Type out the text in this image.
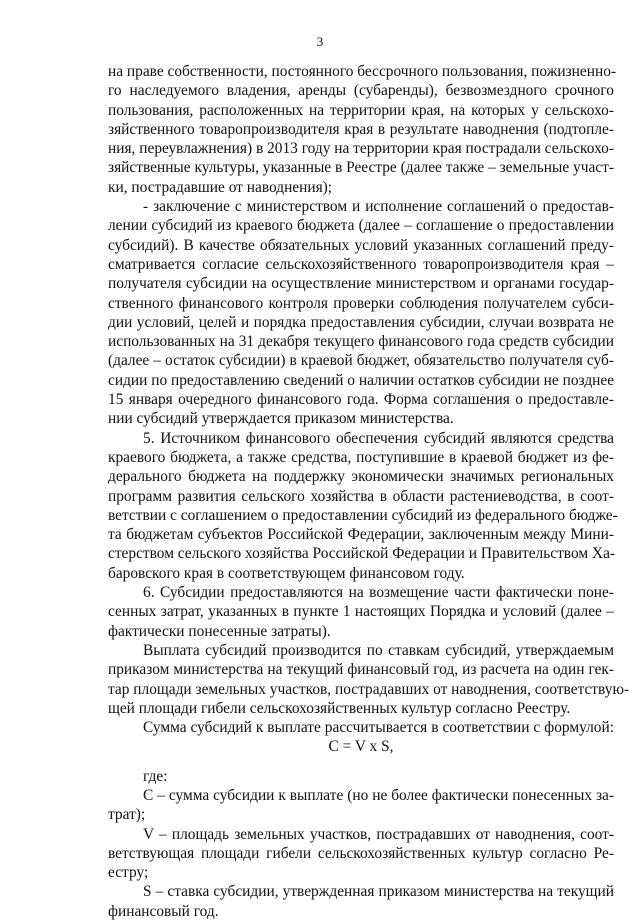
3
на праве собственности, постоянного бессрочного пользования, пожизненно-
го наследуемого владения, аренды (субаренды), безвозмездного срочного
пользования, расположенных на территории края, на которых у сельскохо-
зяйственного товаропроизводителя края в результате наводнения (подтопле-
ния, переувлажнения) в 2013 году на территории края пострадали сельскохо-
зяйственные культуры, указанные в Реестре (далее также – земельные участ-
ки, пострадавшие от наводнения);
- заключение с министерством и исполнение соглашений о предостав-
лении субсидий из краевого бюджета (далее – соглашение о предоставлении
субсидий). В качестве обязательных условий указанных соглашений преду-
сматривается согласие сельскохозяйственного товаропроизводителя края –
получателя субсидии на осуществление министерством и органами государ-
ственного финансового контроля проверки соблюдения получателем субси-
дии условий, целей и порядка предоставления субсидии, случаи возврата не
использованных на 31 декабря текущего финансового года средств субсидии
(далее – остаток субсидии) в краевой бюджет, обязательство получателя суб-
сидии по предоставлению сведений о наличии остатков субсидии не позднее
15 января очередного финансового года. Форма соглашения о предоставле-
нии субсидий утверждается приказом министерства.
5. Источником финансового обеспечения субсидий являются средства
краевого бюджета, а также средства, поступившие в краевой бюджет из фе-
дерального бюджета на поддержку экономически значимых региональных
программ развития сельского хозяйства в области растениеводства, в соот-
ветствии с соглашением о предоставлении субсидий из федерального бюдже-
та бюджетам субъектов Российской Федерации, заключенным между Мини-
стерством сельского хозяйства Российской Федерации и Правительством Ха-
баровского края в соответствующем финансовом году.
6. Субсидии предоставляются на возмещение части фактически поне-
сенных затрат, указанных в пункте 1 настоящих Порядка и условий (далее –
фактически понесенные затраты).
Выплата субсидий производится по ставкам субсидий, утверждаемым
приказом министерства на текущий финансовый год, из расчета на один гек-
тар площади земельных участков, пострадавших от наводнения, соответствую-
щей площади гибели сельскохозяйственных культур согласно Реестру.
Сумма субсидий к выплате рассчитывается в соответствии с формулой:
C = V x S,
где:
С – сумма субсидии к выплате (но не более фактически понесенных за-
трат);
V – площадь земельных участков, пострадавших от наводнения, соот-
ветствующая площади гибели сельскохозяйственных культур согласно Ре-
естру;
S – ставка субсидии, утвержденная приказом министерства на текущий
финансовый год.
